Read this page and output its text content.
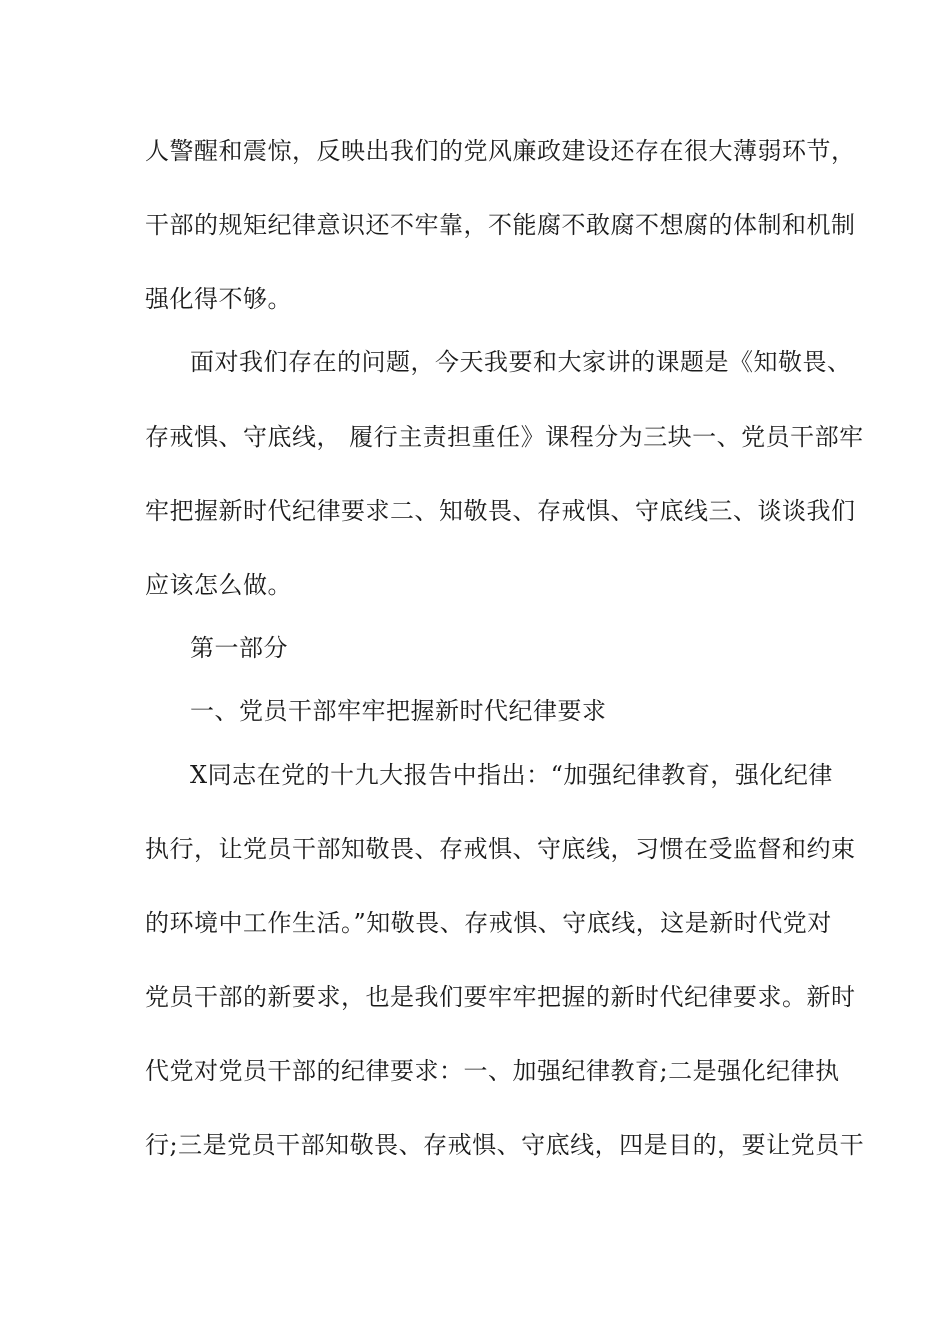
人警醒和震惊，反映出我们的党风廉政建设还存在很大薄弱环节，
干部的规矩纪律意识还不牢靠，不能腐不敢腐不想腐的体制和机制
强化得不够。
面对我们存在的问题，今天我要和大家讲的课题是《知敬畏、
存戒惧、守底线， 履行主责担重任》课程分为三块一、党员干部牢
牢把握新时代纪律要求二、知敬畏、存戒惧、守底线三、谈谈我们
应该怎么做。
第一部分
一、党员干部牢牢把握新时代纪律要求
X同志在党的十九大报告中指出：“加强纪律教育，强化纪律
执行，让党员干部知敬畏、存戒惧、守底线，习惯在受监督和约束
的环境中工作生活。”知敬畏、存戒惧、守底线，这是新时代党对
党员干部的新要求，也是我们要牢牢把握的新时代纪律要求。新时
代党对党员干部的纪律要求：一、加强纪律教育;二是强化纪律执
行;三是党员干部知敬畏、存戒惧、守底线，四是目的，要让党员干
